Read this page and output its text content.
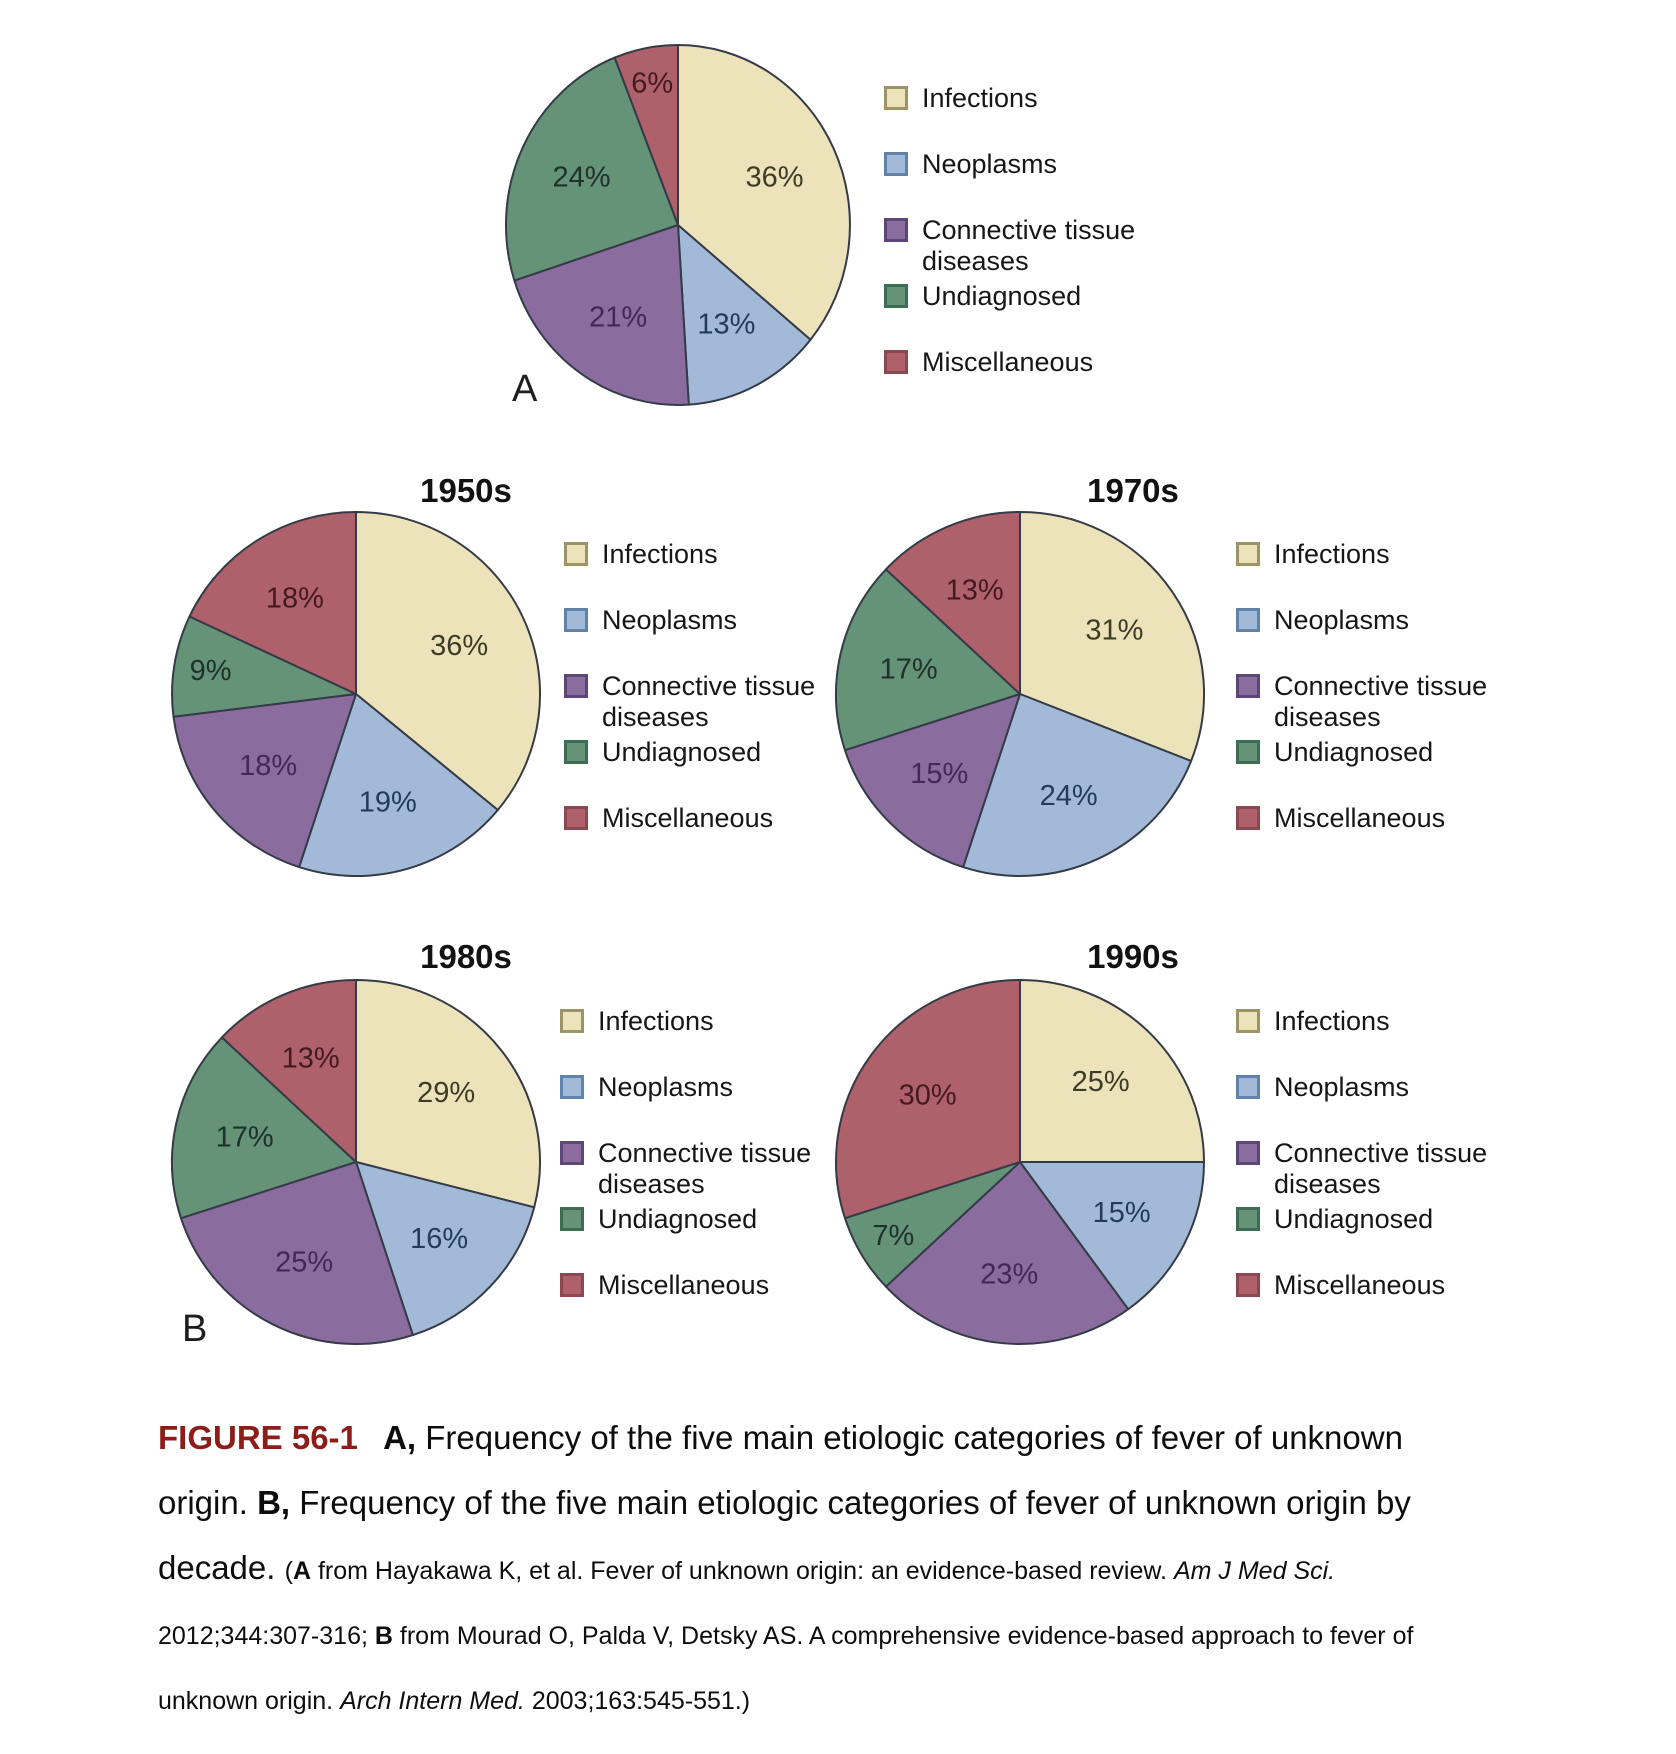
36%
13%
21%
24%
6%
36%
19%
18%
9%
18%
31%
24%
15%
17%
13%
29%
16%
25%
17%
13%
25%
15%
23%
7%
30%
1950s	1970s
1980s	1990s
A
B
Infections
Neoplasms
Connective tissue diseases
Undiagnosed
Miscellaneous
Infections
Neoplasms
Connective tissue diseases
Undiagnosed
Miscellaneous
Infections
Neoplasms
Connective tissue diseases
Undiagnosed
Miscellaneous
Infections
Neoplasms
Connective tissue diseases
Undiagnosed
Miscellaneous
Infections
Neoplasms
Connective tissue diseases
Undiagnosed
Miscellaneous

FIGURE 56-1 A, Frequency of the five main etiologic categories of fever of unknown origin. B, Frequency of the five main etiologic categories of fever of unknown origin by decade. (A from Hayakawa K, et al. Fever of unknown origin: an evidence-based review. Am J Med Sci. 2012;344:307-316; B from Mourad O, Palda V, Detsky AS. A comprehensive evidence-based approach to fever of unknown origin. Arch Intern Med. 2003;163:545-551.)
